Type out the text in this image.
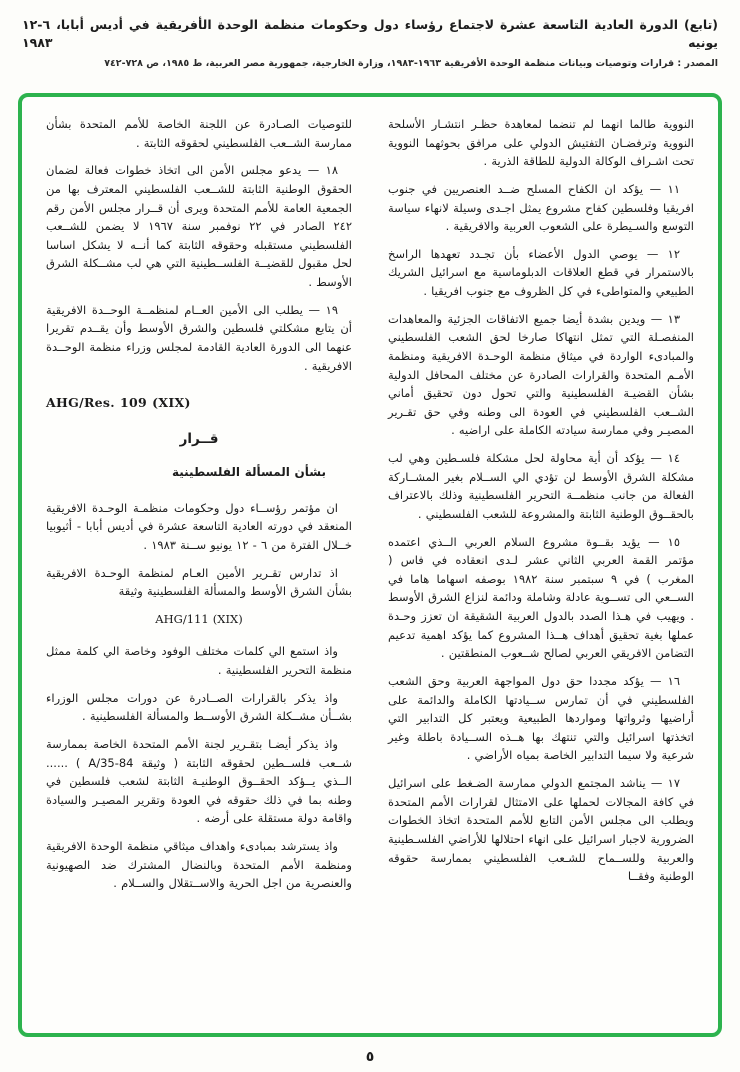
(تابع) الدورة العادية التاسعة عشرة لاجتماع رؤساء دول وحكومات منظمة الوحدة الأفريقية في أديس أبابا، ٦-١٢ يونيه ١٩٨٣
المصدر : قرارات وتوصيات وبيانات منظمة الوحدة الأفريقية ١٩٦٣-١٩٨٣، وزارة الخارجية، جمهورية مصر العربية، ط ١٩٨٥، ص ٧٢٨-٧٤٢

النووية طالما انهما لم تنضما لمعاهدة حظـر انتشـار الأسلحة النووية وترفضـان التفتيش الدولي على مرافق بحوثهما النووية تحت اشـراف الوكالة الدولية للطاقة الذرية .

١١ — يؤكد ان الكفاح المسلح ضــد العنصريين في جنوب افريقيا وفلسطين كفاح مشروع يمثل اجـدى وسيلة لانهاء سياسة التوسع والسـيطرة على الشعوب العربية والافريقية .

١٢ — يوصي الدول الأعضاء بأن تجـدد تعهدها الراسخ بالاستمرار في قطع العلاقات الدبلوماسية مع اسرائيل الشريك الطبيعي والمتواطىء في كل الظروف مع جنوب افريقيا .

١٣ — ويدين بشدة أيضا جميع الاتفاقات الجزئية والمعاهدات المنفصـلة التي تمثل انتهاكا صارخا لحق الشعب الفلسطيني والمبادىء الواردة في ميثاق منظمة الوحـدة الافريقية ومنظمة الأمـم المتحدة والقرارات الصادرة عن مختلف المحافل الدولية بشأن القضيـة الفلسطينية والتي تحول دون تحقيق أماني الشــعب الفلسطيني في العودة الى وطنه وفي حق تقـرير المصيـر وفي ممارسة سيادته الكاملة على اراضيه .

١٤ — يؤكد أن أية محاولة لحل مشكلة فلسـطين وهي لب مشكلة الشرق الأوسط لن تؤدي الي الســلام بغير المشــاركة الفعالة من جانب منظمــة التحرير الفلسطينية وذلك بالاعتراف بالحقــوق الوطنية الثابتة والمشروعة للشعب الفلسطيني .

١٥ — يؤيد بقــوة مشروع السلام العربي الــذي اعتمده مؤتمر القمة العربي الثاني عشر لـدى انعقاده في فاس ( المغرب ) في ٩ سبتمبر سنة ١٩٨٢ بوصفه اسهاما هاما في الســعي الى تســوية عادلة وشاملة ودائمة لنزاع الشرق الأوسط . ويهيب في هـذا الصدد بالدول العربية الشقيقة ان تعزز وحـدة عملها بغية تحقيق أهداف هــذا المشروع كما يؤكد اهمية تدعيم التضامن الافريقي العربي لصالح شــعوب المنطقتين .

١٦ — يؤكد مجددا حق دول المواجهة العربية وحق الشعب الفلسطيني في أن تمارس ســيادتها الكاملة والدائمة على أراضيها وثرواتها ومواردها الطبيعية ويعتبر كل التدابير التي اتخذتها اسرائيل والتي تنتهك بها هــذه الســيادة باطلة وغير شرعية ولا سيما التدابير الخاصة بمياه الأراضي .

١٧ — يناشد المجتمع الدولي ممارسة الضـغط على اسرائيل في كافة المجالات لحملها على الامتثال لقرارات الأمم المتحدة ويطلب الى مجلس الأمن التابع للأمم المتحدة اتخاذ الخطوات الضرورية لاجبار اسرائيل على انهاء احتلالها للأراضي الفلسـطينية والعربية وللســماح للشـعب الفلسطيني بممارسة حقوقه الوطنية وفقــا

للتوصيات الصـادرة عن اللجنة الخاصة للأمم المتحدة بشأن ممارسة الشــعب الفلسطيني لحقوقه الثابتة .

١٨ — يدعو مجلس الأمن الى اتخاذ خطوات فعالة لضمان الحقوق الوطنية الثابتة للشــعب الفلسطيني المعترف بها من الجمعية العامة للأمم المتحدة ويرى أن قــرار مجلس الأمن رقم ٢٤٢ الصادر في ٢٢ نوفمبر سنة ١٩٦٧ لا يضمن للشــعب الفلسطيني مستقبله وحقوقه الثابتة كما أنــه لا يشكل اساسا لحل مقبول للقضيــة الفلســطينية التي هي لب مشــكلة الشرق الأوسط .

١٩ — يطلب الى الأمين العــام لمنظمــة الوحــدة الافريقية أن يتابع مشكلتي فلسطين والشرق الأوسط وأن يقــدم تقريرا عنهما الى الدورة العادية القادمة لمجلس وزراء منظمة الوحــدة الافريقية .

AHG/Res. 109 (XIX)

قــرار

بشأن المسألة الفلسطينية

ان مؤتمر رؤســاء دول وحكومات منظمـة الوحـدة الافريقية المنعقد في دورته العادية التاسعة عشرة في أديس أبابا - أثيوبيا خــلال الفترة من ٦ - ١٢ يونيو ســنة ١٩٨٣ .

اذ تدارس تقـرير الأمين العـام لمنظمة الوحـدة الافريقية بشأن الشرق الأوسط والمسألة الفلسطينية وثيقة

AHG/111 (XIX)

واذ استمع الي كلمات مختلف الوفود وخاصة الي كلمة ممثل منظمة التحرير الفلسطينية .

واذ يذكر بالقرارات الصــادرة عن دورات مجلس الوزراء بشــأن مشــكلة الشرق الأوســط والمسألة الفلسطينية .

واذ يذكر أيضـا بتقـرير لجنة الأمم المتحدة الخاصة بممارسة شــعب فلســطين لحقوقه الثابتة ( وثيقة A/35-84 ) ...... الــذي يــؤكد الحقــوق الوطنيـة الثابتة لشعب فلسطين في وطنه بما في ذلك حقوقه في العودة وتقرير المصيـر والسيادة واقامة دولة مستقلة على أرضه .

واذ يسترشد بمبادىء واهداف ميثاقي منظمة الوحدة الافريقية ومنظمة الأمم المتحدة وبالنضال المشترك ضد الصهيونية والعنصرية من اجل الحرية والاســتقلال والســلام .

٥
